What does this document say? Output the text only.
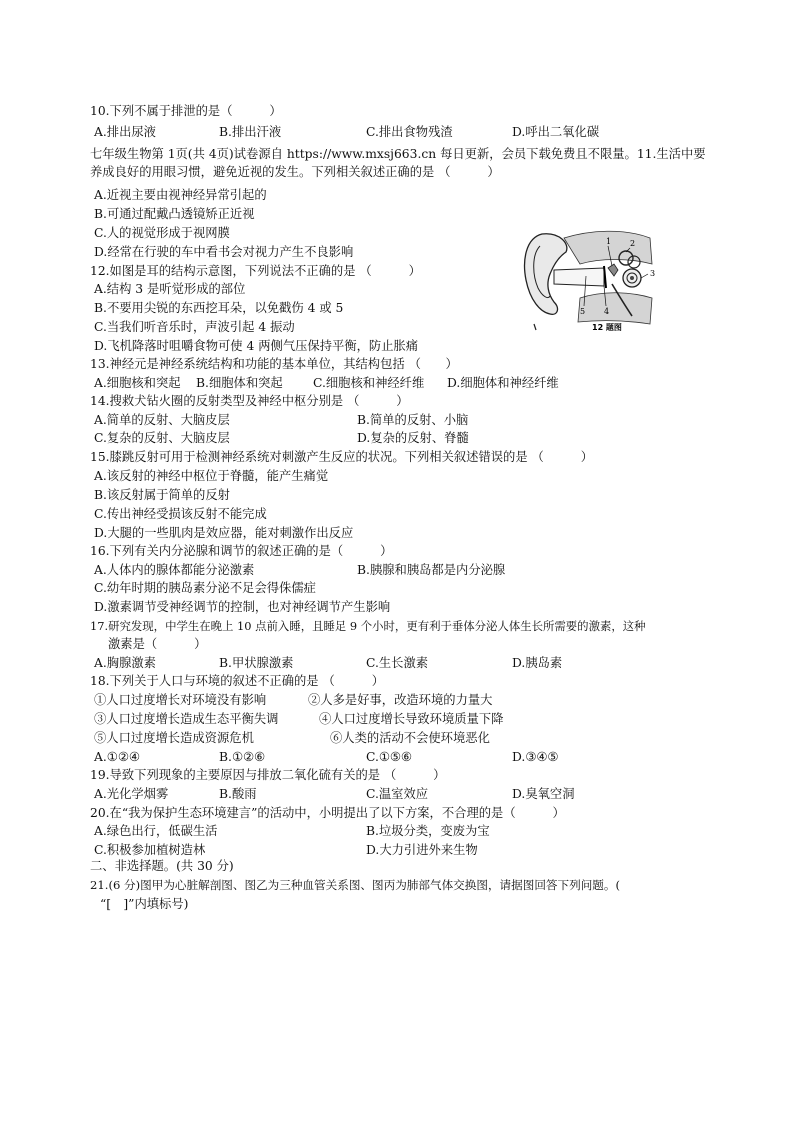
10.下列不属于排泄的是（　　　）
A.排出尿液	B.排出汗液	C.排出食物残渣	D.呼出二氧化碳
七年级生物第 1页(共 4页)试卷源自 https://www.mxsj663.cn 每日更新，会员下载免费且不限量。11.生活中要养成良好的用眼习惯，避免近视的发生。下列相关叙述正确的是 （　　　）
A.近视主要由视神经异常引起的
B.可通过配戴凸透镜矫正近视
C.人的视觉形成于视网膜
D.经常在行驶的车中看书会对视力产生不良影响
12.如图是耳的结构示意图，下列说法不正确的是 （　　　）
A.结构 3 是听觉形成的部位
B.不要用尖锐的东西挖耳朵，以免戳伤 4 或 5
C.当我们听音乐时，声波引起 4 振动
D.飞机降落时咀嚼食物可使 4 两侧气压保持平衡，防止胀痛
1 2
3
4
5
12 题图
13.神经元是神经系统结构和功能的基本单位，其结构包括 （　　）
A.细胞核和突起 B.细胞体和突起 C.细胞核和神经纤维 D.细胞体和神经纤维
14.搜救犬钻火圈的反射类型及神经中枢分别是 （　　　）
A.简单的反射、大脑皮层	B.简单的反射、小脑
C.复杂的反射、大脑皮层	D.复杂的反射、脊髓
15.膝跳反射可用于检测神经系统对刺激产生反应的状况。下列相关叙述错误的是 （　　　）
A.该反射的神经中枢位于脊髓，能产生痛觉
B.该反射属于简单的反射
C.传出神经受损该反射不能完成
D.大腿的一些肌肉是效应器，能对刺激作出反应
16.下列有关内分泌腺和调节的叙述正确的是（　　　）
A.人体内的腺体都能分泌激素	B.胰腺和胰岛都是内分泌腺
C.幼年时期的胰岛素分泌不足会得侏儒症
D.激素调节受神经调节的控制，也对神经调节产生影响
17.研究发现，中学生在晚上 10 点前入睡，且睡足 9 个小时，更有利于垂体分泌人体生长所需要的激素，这种
激素是（　　　）
A.胸腺激素	B.甲状腺激素	C.生长激素	D.胰岛素
18.下列关于人口与环境的叙述不正确的是 （　　　）
①人口过度增长对环境没有影响	②人多是好事，改造环境的力量大
③人口过度增长造成生态平衡失调	④人口过度增长导致环境质量下降
⑤人口过度增长造成资源危机	⑥人类的活动不会使环境恶化
A.①②④	B.①②⑥	C.①⑤⑥	D.③④⑤
19.导致下列现象的主要原因与排放二氧化硫有关的是 （　　　）
A.光化学烟雾	B.酸雨	C.温室效应	D.臭氧空洞
20.在“我为保护生态环境建言”的活动中，小明提出了以下方案，不合理的是（　　　）
A.绿色出行，低碳生活	B.垃圾分类，变废为宝
C.积极参加植树造林	D.大力引进外来生物
二、非选择题。(共 30 分)
21.(6 分)图甲为心脏解剖图、图乙为三种血管关系图、图丙为肺部气体交换图，请据图回答下列问题。(
“[　]”内填标号)
